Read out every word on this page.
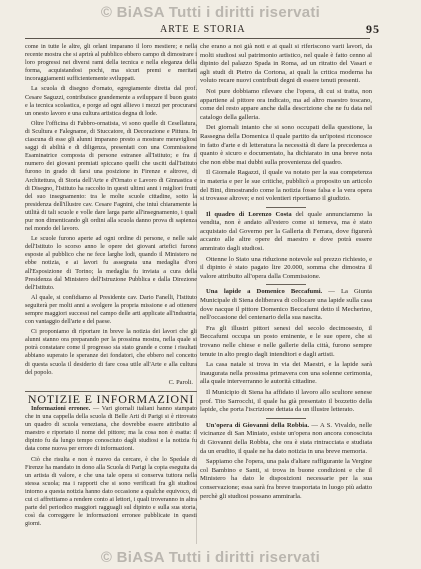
© BiASA Tutti i diritti riservati
ARTE E STORIA	95

come in tutte le altre, gli orlani imparano il loro mestiere; e nella recente mostra che si aprirà al pubblico ebbero campo di dimostrare i loro progressi nei diversi rami della tecnica e nella eleganza della forma, acquistandosi pochi, ma sicuri premi e meritati incoraggiamenti sufficientemente sviluppati.

La scuola di disegno d'ornato, egregiamente diretta dal prof. Cesare Saguzzi, contribuisce grandemente a sviluppare il buon gusto e la tecnica scolastica, e porge ad ogni allievo i mezzi per procurarsi un onesto lavoro e una cultura artistica degna di lode.

Oltre l'officina di Fabbro-ornatista, vi sono quelle di Cesellatura, di Scultura e Falegname, di Stuccatore, di Decorazione e Pittura. In ciascuna di esse gli alunni imparano presto a mostrare meravigliosi saggi di abilità e di diligenza, presentati con una Commissione Esaminatrice composta di persone estranee all'Istituto; e fra il numero dei giovani premiati spiccano quelli che usciti dall'Istituto furono in grado di farsi una posizione in Firenze e altrove, di Architettura, di Storia dell'Arte e d'Ornato e Lavoro di Ginnastica e di Disegno, l'Istituto ha raccolto in questi ultimi anni i migliori frutti del suo insegnamento: tra le molte scuole cittadine, sotto la presidenza dell'illustre cav. Cesare Fagnini, che intuì chiaramente la utilità di tali scuole e volle dare larga parte all'insegnamento, i quali pur non dimenticando gli ordini alla scuola danno prova di sapienza nel mondo del lavoro.

Le scuole furono aperte ad ogni ordine di persone, e nelle sale dell'Istituto lo scorso anno le opere dei giovani artefici furono esposte al pubblico che ne fece larghe lodi, quando il Ministero ne ebbe notizia, e ai lavori fu assegnata una medaglia d'oro all'Esposizione di Torino; la medaglia fu inviata a cura della Presidenza dal Ministero dell'Istruzione Pubblica e dalla Direzione dell'Istituto.

Al quale, si confidiamo al Presidente cav. Dario Fanelli, l'Istituto seguiterà per molti anni a svolgere la propria missione e ad ottenere sempre maggiori successi nel campo delle arti applicate all'industria, con vantaggio dell'arte e del paese.

Ci proponiamo di riportare in breve la notizia dei lavori che gli alunni stanno ora preparando per la prossima mostra, nella quale si potrà constatare come il progresso sia stato grande e come i risultati abbiano superato le speranze dei fondatori, che ebbero nel concetto di questa scuola il desiderio di fare cosa utile all'Arte e alla cultura del popolo.

C. Paroli.
NOTIZIE E INFORMAZIONI

Informazioni erronee. — Vari giornali italiani hanno stampato che in una cappella della scuola di Belle Arti di Parigi si è ritrovato un quadro di scuola veneziana, che dovrebbe essere attribuito al maestro e riportato il nome del pittore; ma la cosa non è esatta: il dipinto fu da lungo tempo conosciuto dagli studiosi e la notizia fu data come nuova per errore di informazioni.

Ciò che risulta e non è nuovo da cercare, è che lo Spedale di Firenze ha mandato in dono alla Scuola di Parigi la copia eseguita da un artista di valore, e che una tale opera si conserva tuttora nella stessa scuola; ma i rapporti che si sono verificati fra gli studiosi intorno a questa notizia hanno dato occasione a qualche equivoco, di cui ci affrettiamo a rendere conto ai lettori, i quali troveranno in altra parte del periodico maggiori ragguagli sul dipinto e sulla sua storia, così da correggere le informazioni erronee pubblicate in questi giorni.

che erano a noi già noti e ai quali si riferiscono varii lavori, da molti studiosi sul patrimonio artistico, nel quale è fatto cenno al dipinto del palazzo Spada in Roma, ad un ritratto del Vasari e agli studi di Pietro da Cortona, ai quali la critica moderna ha voluto recare nuovi contributi degni di essere tenuti presenti.

Noi pure dobbiamo rilevare che l'opera, di cui si tratta, non appartiene al pittore ora indicato, ma ad altro maestro toscano, come del resto appare anche dalla descrizione che ne fu data nel catalogo della galleria.

Dei giornali intanto che si sono occupati della questione, la Rassegna della Domenica il quale partito da un'ipotesi riconosce in fatto d'arte e di letteratura la necessità di dare la precedenza a quanto è sicuro e documentato, ha dichiarato in una breve nota che non ebbe mai dubbi sulla provenienza del quadro.

Il Giornale Ragazzi, il quale va notato per la sua competenza in materia e per le sue critiche, pubblicò a proposito un articolo del Bini, dimostrando come la notizia fosse falsa e la vera opera si trovasse altrove; e noi volentieri riportiamo il giudizio.

Il quadro di Lorenzo Costa del quale annunciammo la vendita, non è andato all'estero come si temeva, ma è stato acquistato dal Governo per la Galleria di Ferrara, dove figurerà accanto alle altre opere del maestro e dove potrà essere ammirato dagli studiosi.

Ottenne lo Stato una riduzione notevole sul prezzo richiesto, e il dipinto è stato pagato lire 20.000, somma che dimostra il valore attribuito all'opera dalla Commissione.

Una lapide a Domenico Beccafumi. — La Giunta Municipale di Siena deliberava di collocare una lapide sulla casa dove nacque il pittore Domenico Beccafumi detto il Mecherino, nell'occasione del centenario della sua nascita.

Fra gli illustri pittori senesi del secolo decimosesto, il Beccafumi occupa un posto eminente, e le sue opere, che si trovano nelle chiese e nelle gallerie della città, furono sempre tenute in alto pregio dagli intenditori e dagli artisti.

La casa natale si trova in via dei Maestri, e la lapide sarà inaugurata nella prossima primavera con una solenne cerimonia, alla quale interverranno le autorità cittadine.

Il Municipio di Siena ha affidato il lavoro allo scultore senese prof. Tito Sarrocchi, il quale ha già presentato il bozzetto della lapide, che porta l'iscrizione dettata da un illustre letterato.

Un'opera di Giovanni della Robbia. — A S. Vivaldo, nelle vicinanze di San Miniato, esiste un'opera non ancora conosciuta di Giovanni della Robbia, che ora è stata rintracciata e studiata da un erudito, il quale ne ha dato notizia in una breve memoria.

Sappiamo che l'opera, una pala d'altare raffigurante la Vergine col Bambino e Santi, si trova in buone condizioni e che il Ministero ha dato le disposizioni necessarie per la sua conservazione; essa sarà fra breve trasportata in luogo più adatto perchè gli studiosi possano ammirarla.

© BiASA Tutti i diritti riservati
